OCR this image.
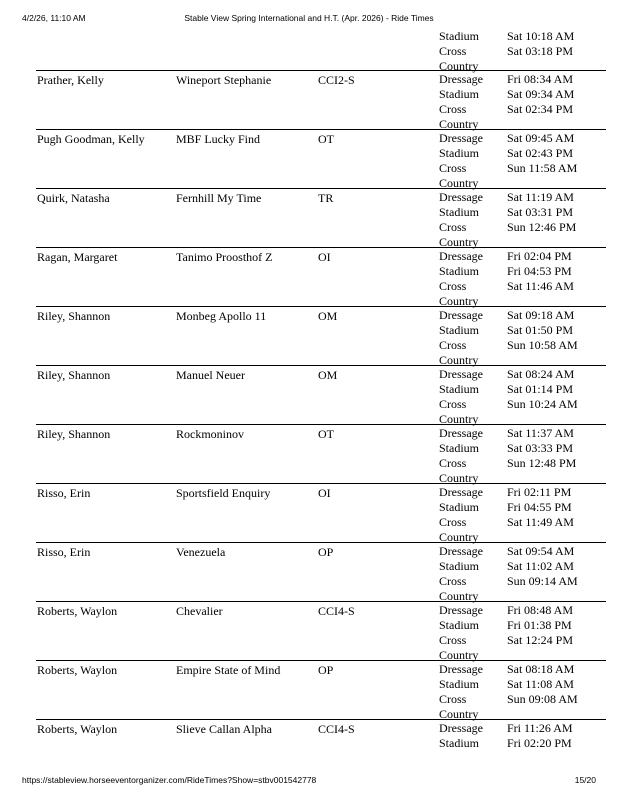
4/2/26, 11:10 AM	Stable View Spring International and H.T. (Apr. 2026) - Ride Times
Stadium Sat 10:18 AM
Cross Country
Sat 03:18 PM
Prather, Kelly	Wineport Stephanie	CCI2-S	Dressage Fri 08:34 AM
Stadium Sat 09:34 AM
Cross Country
Sat 02:34 PM
Pugh Goodman, Kelly	MBF Lucky Find	OT	Dressage Sat 09:45 AM
Stadium Sat 02:43 PM
Cross Country
Sun 11:58 AM
Quirk, Natasha	Fernhill My Time	TR	Dressage Sat 11:19 AM
Stadium Sat 03:31 PM
Cross Country
Sun 12:46 PM
Ragan, Margaret	Tanimo Proosthof Z	OI	Dressage Fri 02:04 PM
Stadium Fri 04:53 PM
Cross Country
Sat 11:46 AM
Riley, Shannon	Monbeg Apollo 11	OM	Dressage Sat 09:18 AM
Stadium Sat 01:50 PM
Cross Country
Sun 10:58 AM
Riley, Shannon	Manuel Neuer	OM	Dressage Sat 08:24 AM
Stadium Sat 01:14 PM
Cross Country
Sun 10:24 AM
Riley, Shannon	Rockmoninov	OT	Dressage Sat 11:37 AM
Stadium Sat 03:33 PM
Cross Country
Sun 12:48 PM
Risso, Erin	Sportsfield Enquiry	OI	Dressage Fri 02:11 PM
Stadium Fri 04:55 PM
Cross Country
Sat 11:49 AM
Risso, Erin	Venezuela	OP	Dressage Sat 09:54 AM
Stadium Sat 11:02 AM
Cross Country
Sun 09:14 AM
Roberts, Waylon	Chevalier	CCI4-S	Dressage Fri 08:48 AM
Stadium Fri 01:38 PM
Cross Country
Sat 12:24 PM
Roberts, Waylon	Empire State of Mind	OP	Dressage Sat 08:18 AM
Stadium Sat 11:08 AM
Cross Country
Sun 09:08 AM
Roberts, Waylon	Slieve Callan Alpha	CCI4-S	Dressage Fri 11:26 AM
Stadium Fri 02:20 PM
https://stableview.horseeventorganizer.com/RideTimes?Show=stbv001542778	15/20
